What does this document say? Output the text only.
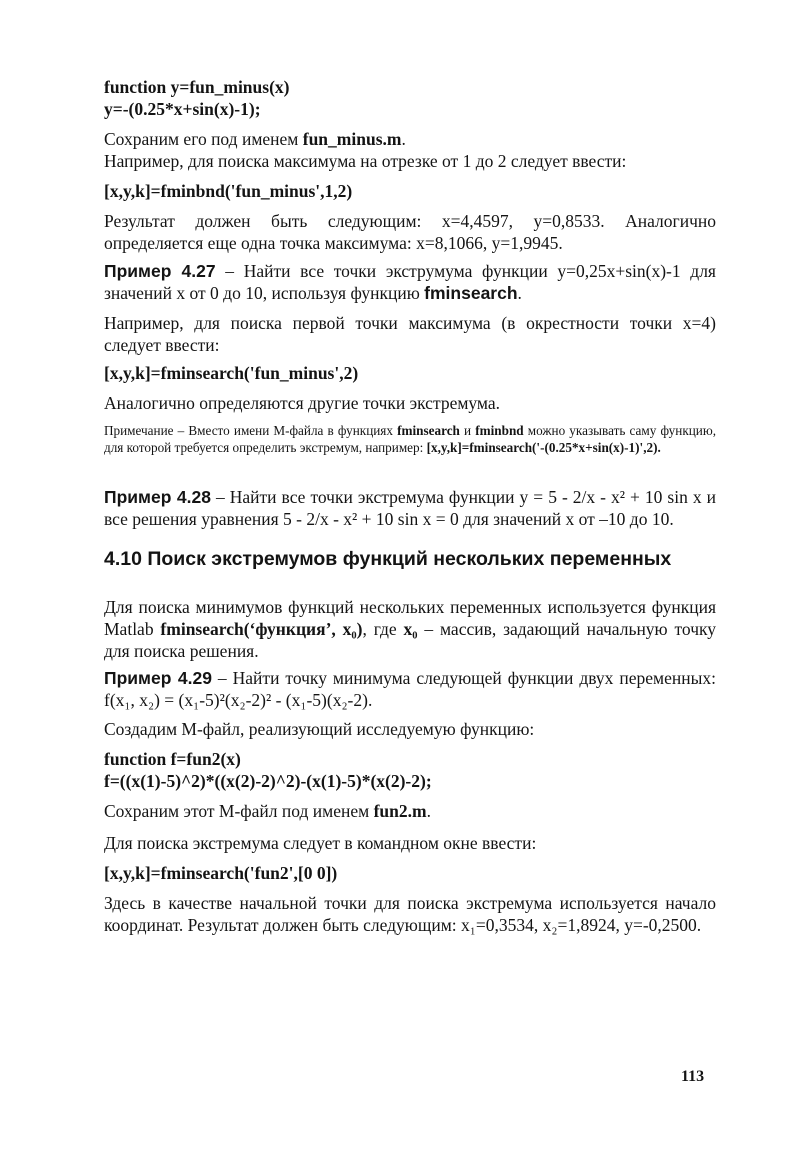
function y=fun_minus(x)

y=-(0.25*x+sin(x)-1);

Сохраним его под именем fun_minus.m.

Например, для поиска максимума на отрезке от 1 до 2 следует ввести:

[x,y,k]=fminbnd('fun_minus',1,2)

Результат должен быть следующим: x=4,4597, y=0,8533. Аналогично определяется еще одна точка максимума: x=8,1066, y=1,9945.

Пример 4.27 – Найти все точки экструмума функции y=0,25x+sin(x)-1 для значений x от 0 до 10, используя функцию fminsearch.

Например, для поиска первой точки максимума (в окрестности точки x=4) следует ввести:

[x,y,k]=fminsearch('fun_minus',2)

Аналогично определяются другие точки экстремума.

Примечание – Вместо имени М-файла в функциях fminsearch и fminbnd можно указывать саму функцию, для которой требуется определить экстремум, например: [x,y,k]=fminsearch('-(0.25*x+sin(x)-1)',2).

Пример 4.28 – Найти все точки экстремума функции y = 5 - 2/x - x² + 10 sin x и все решения уравнения 5 - 2/x - x² + 10 sin x = 0 для значений x от –10 до 10.

4.10 Поиск экстремумов функций нескольких переменных

Для поиска минимумов функций нескольких переменных используется функция Matlab fminsearch(‘функция’, x₀), где x₀ – массив, задающий начальную точку для поиска решения.

Пример 4.29 – Найти точку минимума следующей функции двух переменных: f(x₁, x₂) = (x₁-5)²(x₂-2)² - (x₁-5)(x₂-2).

Создадим М-файл, реализующий исследуемую функцию:

function f=fun2(x)

f=((x(1)-5)^2)*((x(2)-2)^2)-(x(1)-5)*(x(2)-2);

Сохраним этот М-файл под именем fun2.m.

Для поиска экстремума следует в командном окне ввести:

[x,y,k]=fminsearch('fun2',[0 0])

Здесь в качестве начальной точки для поиска экстремума используется начало координат. Результат должен быть следующим: x₁=0,3534, x₂=1,8924, y=-0,2500.

113
